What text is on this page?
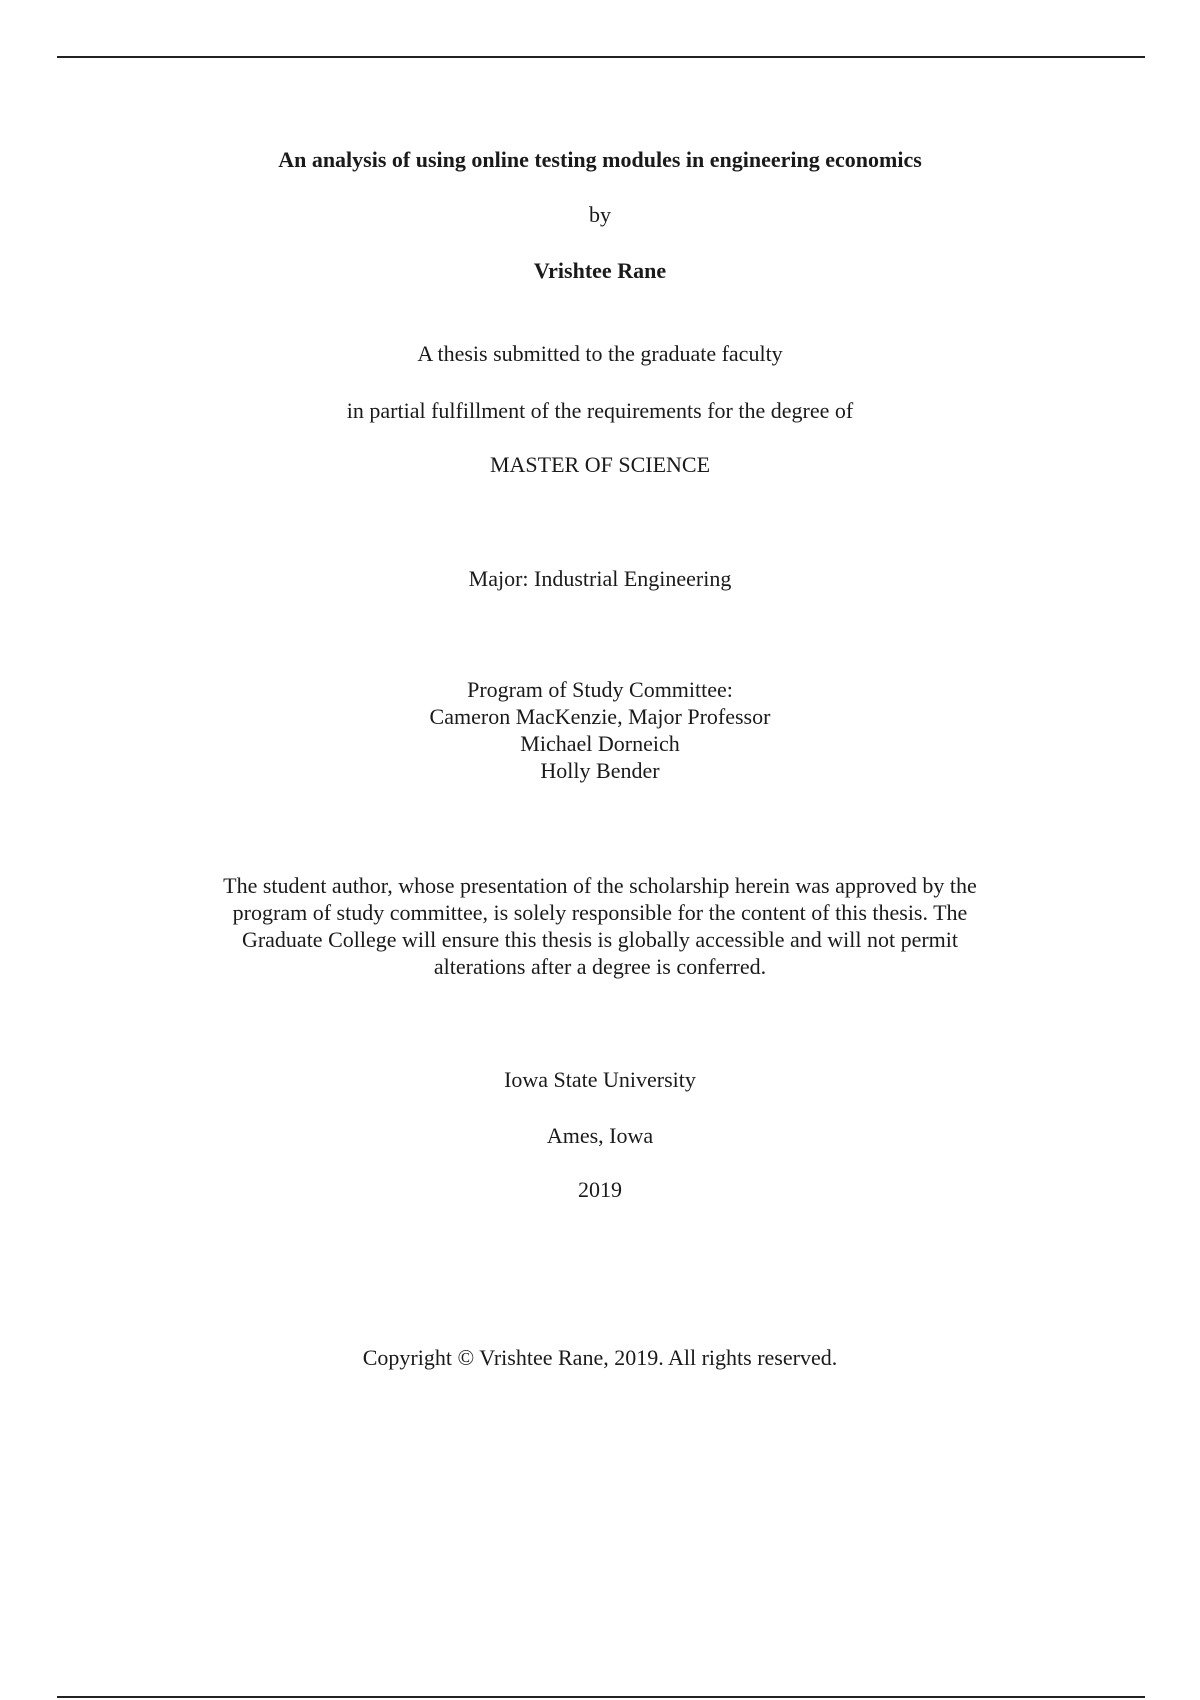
An analysis of using online testing modules in engineering economics
by
Vrishtee Rane
A thesis submitted to the graduate faculty
in partial fulfillment of the requirements for the degree of
MASTER OF SCIENCE
Major: Industrial Engineering
Program of Study Committee:
Cameron MacKenzie, Major Professor
Michael Dorneich
Holly Bender
The student author, whose presentation of the scholarship herein was approved by the
program of study committee, is solely responsible for the content of this thesis. The
Graduate College will ensure this thesis is globally accessible and will not permit
alterations after a degree is conferred.
Iowa State University
Ames, Iowa
2019
Copyright © Vrishtee Rane, 2019. All rights reserved.
